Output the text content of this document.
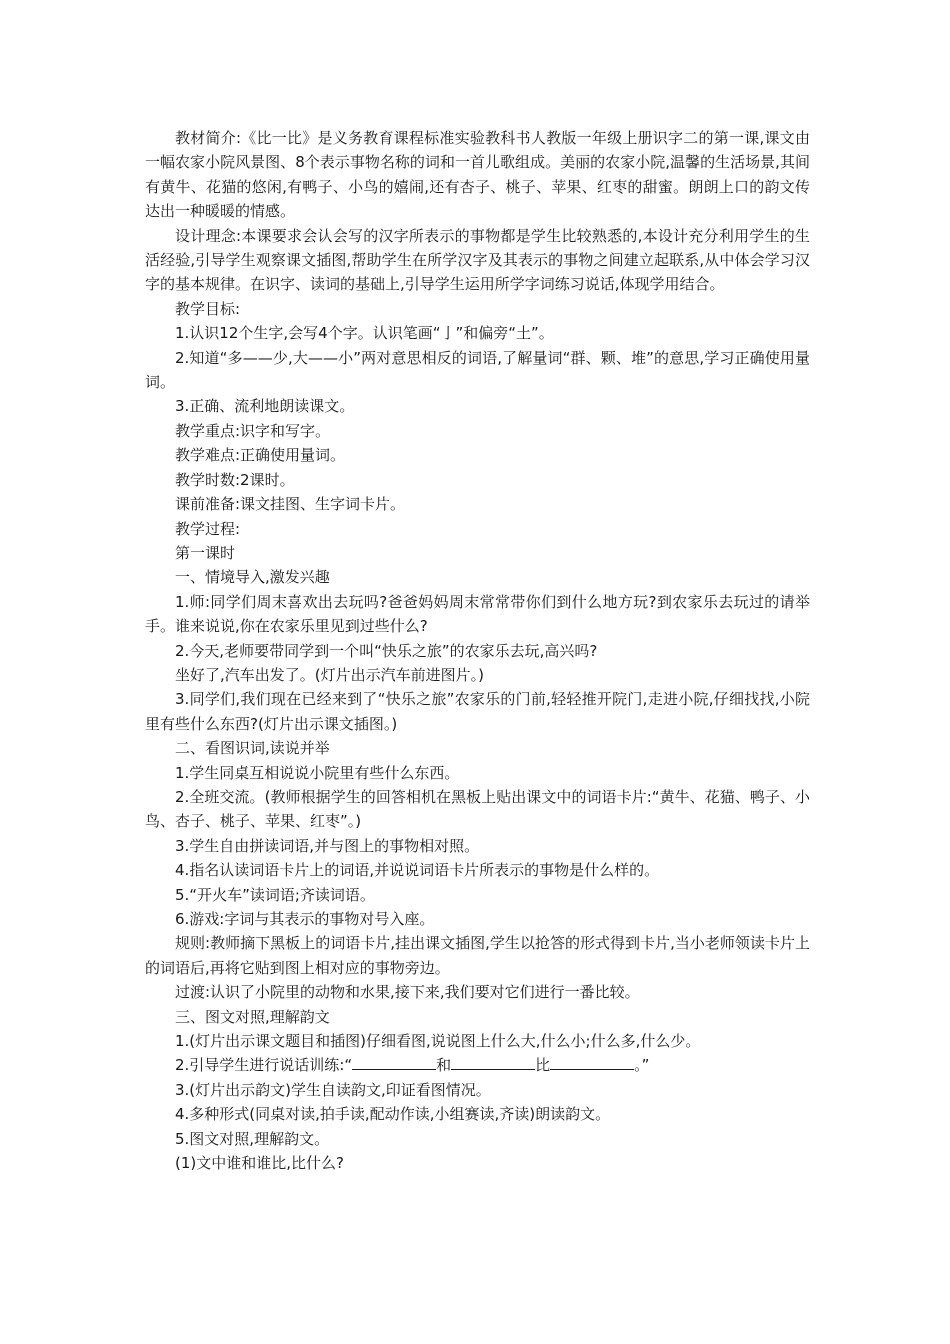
教材简介:《比一比》是义务教育课程标准实验教科书人教版一年级上册识字二的第一课,课文由一幅农家小院风景图、8个表示事物名称的词和一首儿歌组成。美丽的农家小院,温馨的生活场景,其间有黄牛、花猫的悠闲,有鸭子、小鸟的嬉闹,还有杏子、桃子、苹果、红枣的甜蜜。朗朗上口的韵文传达出一种暖暖的情感。

设计理念:本课要求会认会写的汉字所表示的事物都是学生比较熟悉的,本设计充分利用学生的生活经验,引导学生观察课文插图,帮助学生在所学汉字及其表示的事物之间建立起联系,从中体会学习汉字的基本规律。在识字、读词的基础上,引导学生运用所学字词练习说话,体现学用结合。

教学目标:

1.认识12个生字,会写4个字。认识笔画“亅”和偏旁“土”。

2.知道“多——少,大——小”两对意思相反的词语,了解量词“群、颗、堆”的意思,学习正确使用量词。

3.正确、流利地朗读课文。

教学重点:识字和写字。

教学难点:正确使用量词。

教学时数:2课时。

课前准备:课文挂图、生字词卡片。

教学过程:

第一课时

一、情境导入,激发兴趣

1.师:同学们周末喜欢出去玩吗?爸爸妈妈周末常常带你们到什么地方玩?到农家乐去玩过的请举手。谁来说说,你在农家乐里见到过些什么?

2.今天,老师要带同学到一个叫“快乐之旅”的农家乐去玩,高兴吗?

坐好了,汽车出发了。(灯片出示汽车前进图片。)

3.同学们,我们现在已经来到了“快乐之旅”农家乐的门前,轻轻推开院门,走进小院,仔细找找,小院里有些什么东西?(灯片出示课文插图。)

二、看图识词,读说并举

1.学生同桌互相说说小院里有些什么东西。

2.全班交流。(教师根据学生的回答相机在黑板上贴出课文中的词语卡片:“黄牛、花猫、鸭子、小鸟、杏子、桃子、苹果、红枣”。)

3.学生自由拼读词语,并与图上的事物相对照。

4.指名认读词语卡片上的词语,并说说词语卡片所表示的事物是什么样的。

5.“开火车”读词语;齐读词语。

6.游戏:字词与其表示的事物对号入座。

规则:教师摘下黑板上的词语卡片,挂出课文插图,学生以抢答的形式得到卡片,当小老师领读卡片上的词语后,再将它贴到图上相对应的事物旁边。

过渡:认识了小院里的动物和水果,接下来,我们要对它们进行一番比较。

三、图文对照,理解韵文

1.(灯片出示课文题目和插图)仔细看图,说说图上什么大,什么小;什么多,什么少。

2.引导学生进行说话训练:“	和	比	。”

3.(灯片出示韵文)学生自读韵文,印证看图情况。

4.多种形式(同桌对读,拍手读,配动作读,小组赛读,齐读)朗读韵文。

5.图文对照,理解韵文。

(1)文中谁和谁比,比什么?
